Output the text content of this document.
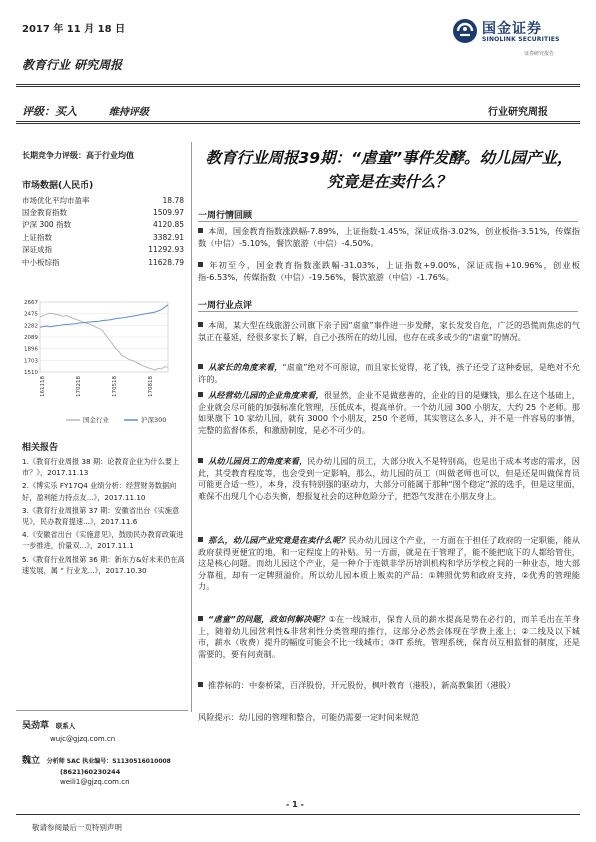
2017 年 11 月 18 日	国金证券
SINOLINK SECURITIES
证券研究报告
教育行业 研究周报
评级：买入	维持评级	行业研究周报
长期竞争力评级：高于行业均值
市场数据(人民币)
市场优化平均市盈率	18.78
国金教育指数	1509.97
沪深 300 指数	4120.85
上证指数	3382.91
深证成指	11292.93
中小板综指	11628.79
2667
2475
2282
2089
1896
1703
1510
161118	170218	170518	170818
国金行业	沪深300
相关报告
1.《教育行业周报 38 期：论教育企业为什么要上市？》，2017.11.13
2.《博实乐 FY17Q4 业绩分析：经营财务数据向好，盈利能力持点友...》，2017.11.10
3.《教育行业周报第 37 期：安徽省出台《实施意见》，民办教育提速...》，2017.11.6
4.《安徽省出台《实施意见》，鼓励民办教育政策进一步推进，价量双...》，2017.11.1
5.《教育行业周报第 36 期：新东方&好未来仍在高速发展，属 “ 行业龙...》，2017.10.30
吴劲草 联系人
wujc@gjzq.com.cn
魏立 分析师 SAC 执业编号：S1130516010008
(8621)60230244
weili1@gjzq.com.cn
教育行业周报39期：“虐童”事件发酵。幼儿园产业，究竟是在卖什么？
一周行情回顾
本周，国金教育指数涨跌幅-7.89%，上证指数-1.45%，深证成指-3.02%，创业板指-3.51%，传媒指数（中信）-5.10%，餐饮旅游（中信）-4.50%。
年初至今，国金教育指数涨跌幅-31.03%，上证指数+9.00%，深证成指+10.96%，创业板指-6.53%，传媒指数（中信）-19.56%，餐饮旅游（中信）-1.76%。
一周行业点评
本周，某大型在线旅游公司旗下亲子园“虐童”事件进一步发酵，家长发发自危，广泛的恐慌而焦虑的气氛正在蔓延，经很多家长了解，自己小孩所在的幼儿园，也存在或多或少的“虐童”的情况。
从家长的角度来看，“虐童”绝对不可原谅，而且家长觉得，花了钱，孩子还受了这种委屈，是绝对不允许的。
从经营幼儿园的企业角度来看，很显然，企业不是做慈善的，企业的目的是赚钱，那么在这个基础上，企业就会尽可能的加强标准化管理，压低成本，提高单价。一个幼儿园 300 小朋友，大约 25 个老师。那如果旗下 10 家幼儿园，就有 3000 个小朋友，250 个老师，其实管这么多人，并不是一件容易的事情，完整的监督体系，和激励制度，是必不可少的。
从幼儿园员工的角度来看，民办幼儿园的员工，大部分收入不是特别高，也是出于成本考虑的需求，因此，其受教育程度等，也会受到一定影响，那么，幼儿园的员工（叫做老师也可以，但是还是叫做保育员可能更合适一些），本身，没有特别强的驱动力，大部分可能属于那种“图个稳定”派的选手，但是这里面，难保不出现几个心态失衡，想报复社会的这种危险分子，把怨气发泄在小朋友身上。
那么，幼儿园产业究竟是在卖什么呢？民办幼儿园这个产业，一方面在于担任了政府的一定职能，能从政府获得更便宜的地，和一定程度上的补贴。另一方面，就是在于管理了，能不能把底下的人都给管住，这是核心问题。而幼儿园这个产业，是一种介于连锁非学历培训机构和学历学校之间的一种业态，地大部分靠租，却有一定牌照溢价。所以幼儿园本质上贩卖的产品：①牌照优势和政府支持，②优秀的管理能力。
“虐童”的问题，政如何解决呢？①在一线城市，保育人员的薪水提高是势在必行的，而羊毛出在羊身上，随着幼儿园营利性&非营利性分类管理的推行，这部分必然会体现在学费上涨上；②二线及以下城市，薪水（收费）提升的幅度可能会不比一线城市；③IT 系统，管理系统，保育员互相监督的制度，还是需要的，要有问责制。
推荐标的：中泰桥梁，百洋股份，开元股份，枫叶教育（港股），新高教集团（港股）
风险提示：幼儿园的管理和整合，可能仍需要一定时间来规范
- 1 -
敬请参阅最后一页特别声明
